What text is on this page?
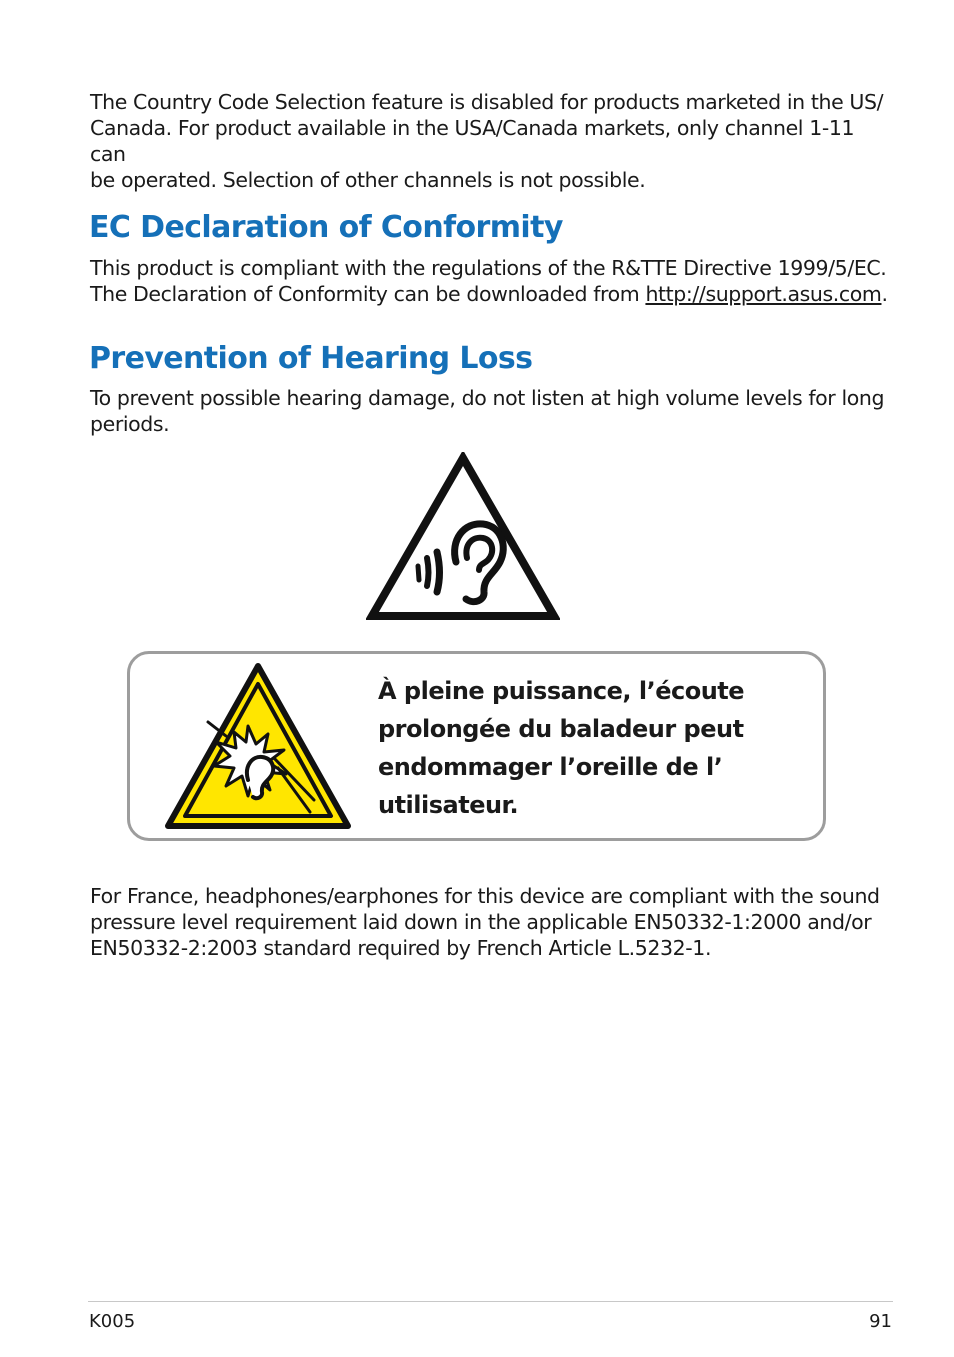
The Country Code Selection feature is disabled for products marketed in the US/
Canada. For product available in the USA/Canada markets, only channel 1-11 can
be operated. Selection of other channels is not possible.

EC Declaration of Conformity

This product is compliant with the regulations of the R&TTE Directive 1999/5/EC.
The Declaration of Conformity can be downloaded from http://support.asus.com.

Prevention of Hearing Loss

To prevent possible hearing damage, do not listen at high volume levels for long
periods.

À pleine puissance, l’écoute
prolongée du baladeur peut
endommager l’oreille de l’
utilisateur.

For France, headphones/earphones for this device are compliant with the sound
pressure level requirement laid down in the applicable EN50332-1:2000 and/or
EN50332-2:2003 standard required by French Article L.5232-1.

K005	91
